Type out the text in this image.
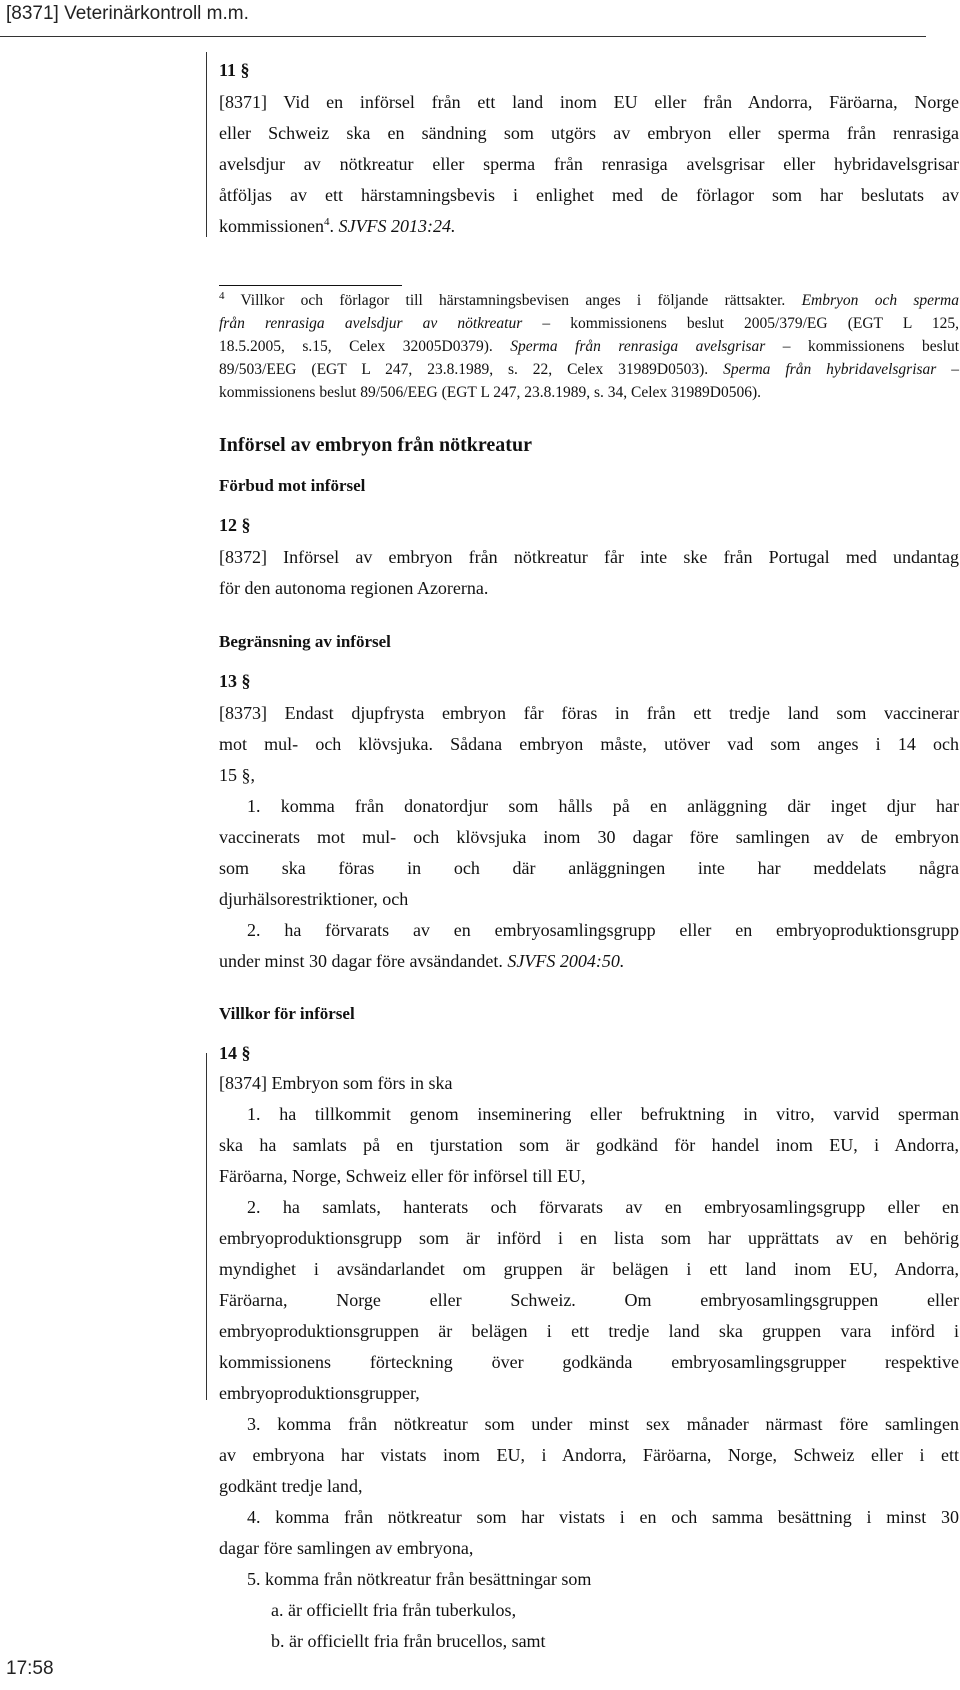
[8371] Veterinärkontroll m.m.
11 §
[8371] Vid en införsel från ett land inom EU eller från Andorra, Färöarna, Norge
eller Schweiz ska en sändning som utgörs av embryon eller sperma från renrasiga
avelsdjur av nötkreatur eller sperma från renrasiga avelsgrisar eller hybridavelsgrisar
åtföljas av ett härstamningsbevis i enlighet med de förlagor som har beslutats av
kommissionen$^4$. SJVFS 2013:24.
$^4$ Villkor och förlagor till härstamningsbevisen anges i följande rättsakter. Embryon och sperma
från renrasiga avelsdjur av nötkreatur – kommissionens beslut 2005/379/EG (EGT L 125,
18.5.2005, s.15, Celex 32005D0379). Sperma från renrasiga avelsgrisar – kommissionens beslut
89/503/EEG (EGT L 247, 23.8.1989, s. 22, Celex 31989D0503). Sperma från hybridavelsgrisar –
kommissionens beslut 89/506/EEG (EGT L 247, 23.8.1989, s. 34, Celex 31989D0506).
Införsel av embryon från nötkreatur
Förbud mot införsel
12 §
[8372] Införsel av embryon från nötkreatur får inte ske från Portugal med undantag
för den autonoma regionen Azorerna.
Begränsning av införsel
13 §
[8373] Endast djupfrysta embryon får föras in från ett tredje land som vaccinerar
mot mul- och klövsjuka. Sådana embryon måste, utöver vad som anges i 14 och
15 §,
1. komma från donatordjur som hålls på en anläggning där inget djur har
vaccinerats mot mul- och klövsjuka inom 30 dagar före samlingen av de embryon
som ska föras in och där anläggningen inte har meddelats några
djurhälsorestriktioner, och
2. ha förvarats av en embryosamlingsgrupp eller en embryoproduktionsgrupp
under minst 30 dagar före avsändandet. SJVFS 2004:50.
Villkor för införsel
14 §
[8374] Embryon som förs in ska
1. ha tillkommit genom inseminering eller befruktning in vitro, varvid sperman
ska ha samlats på en tjurstation som är godkänd för handel inom EU, i Andorra,
Färöarna, Norge, Schweiz eller för införsel till EU,
2. ha samlats, hanterats och förvarats av en embryosamlingsgrupp eller en
embryoproduktionsgrupp som är införd i en lista som har upprättats av en behörig
myndighet i avsändarlandet om gruppen är belägen i ett land inom EU, Andorra,
Färöarna, Norge eller Schweiz. Om embryosamlingsgruppen eller
embryoproduktionsgruppen är belägen i ett tredje land ska gruppen vara införd i
kommissionens förteckning över godkända embryosamlingsgrupper respektive
embryoproduktionsgrupper,
3. komma från nötkreatur som under minst sex månader närmast före samlingen
av embryona har vistats inom EU, i Andorra, Färöarna, Norge, Schweiz eller i ett
godkänt tredje land,
4. komma från nötkreatur som har vistats i en och samma besättning i minst 30
dagar före samlingen av embryona,
5. komma från nötkreatur från besättningar som
a. är officiellt fria från tuberkulos,
b. är officiellt fria från brucellos, samt
17:58
